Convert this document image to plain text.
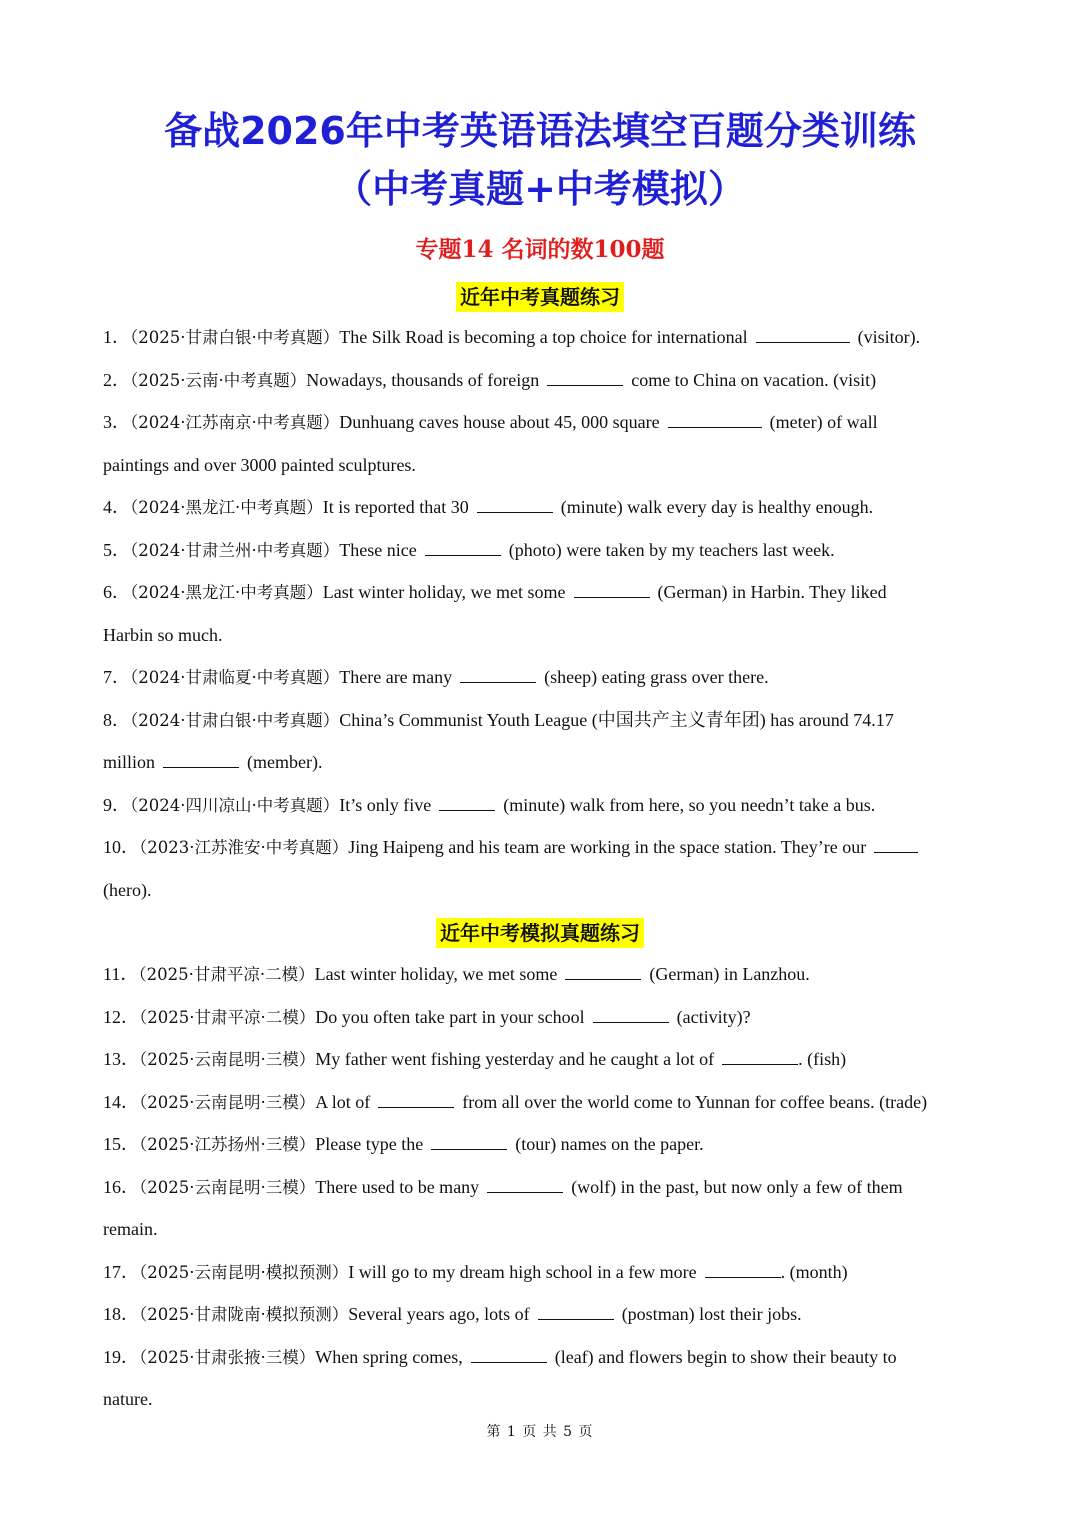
备战2026年中考英语语法填空百题分类训练
（中考真题+中考模拟）
专题14 名词的数100题
近年中考真题练习
近年中考模拟真题练习
1．（2025·甘肃白银·中考真题）The Silk Road is becoming a top choice for international	(visitor).
2．（2025·云南·中考真题）Nowadays, thousands of foreign	come to China on vacation. (visit)
3．（2024·江苏南京·中考真题）Dunhuang caves house about 45, 000 square	(meter) of wall
paintings and over 3000 painted sculptures.
4．（2024·黑龙江·中考真题）It is reported that 30	(minute) walk every day is healthy enough.
5．（2024·甘肃兰州·中考真题）These nice	(photo) were taken by my teachers last week.
6．（2024·黑龙江·中考真题）Last winter holiday, we met some	(German) in Harbin. They liked
Harbin so much.
7．（2024·甘肃临夏·中考真题）There are many	(sheep) eating grass over there.
8．（2024·甘肃白银·中考真题）China’s Communist Youth League (中国共产主义青年团) has around 74.17
million	(member).
9．（2024·四川凉山·中考真题）It’s only five	(minute) walk from here, so you needn’t take a bus.
10．（2023·江苏淮安·中考真题）Jing Haipeng and his team are working in the space station. They’re our
(hero).
11．（2025·甘肃平凉·二模）Last winter holiday, we met some	(German) in Lanzhou.
12．（2025·甘肃平凉·二模）Do you often take part in your school	(activity)?
13．（2025·云南昆明·三模）My father went fishing yesterday and he caught a lot of	. (fish)
14．（2025·云南昆明·三模）A lot of	from all over the world come to Yunnan for coffee beans. (trade)
15．（2025·江苏扬州·三模）Please type the	(tour) names on the paper.
16．（2025·云南昆明·三模）There used to be many	(wolf) in the past, but now only a few of them
remain.
17．（2025·云南昆明·模拟预测）I will go to my dream high school in a few more	. (month)
18．（2025·甘肃陇南·模拟预测）Several years ago, lots of	(postman) lost their jobs.
19．（2025·甘肃张掖·三模）When spring comes,	(leaf) and flowers begin to show their beauty to
nature.
第 1 页 共 5 页
